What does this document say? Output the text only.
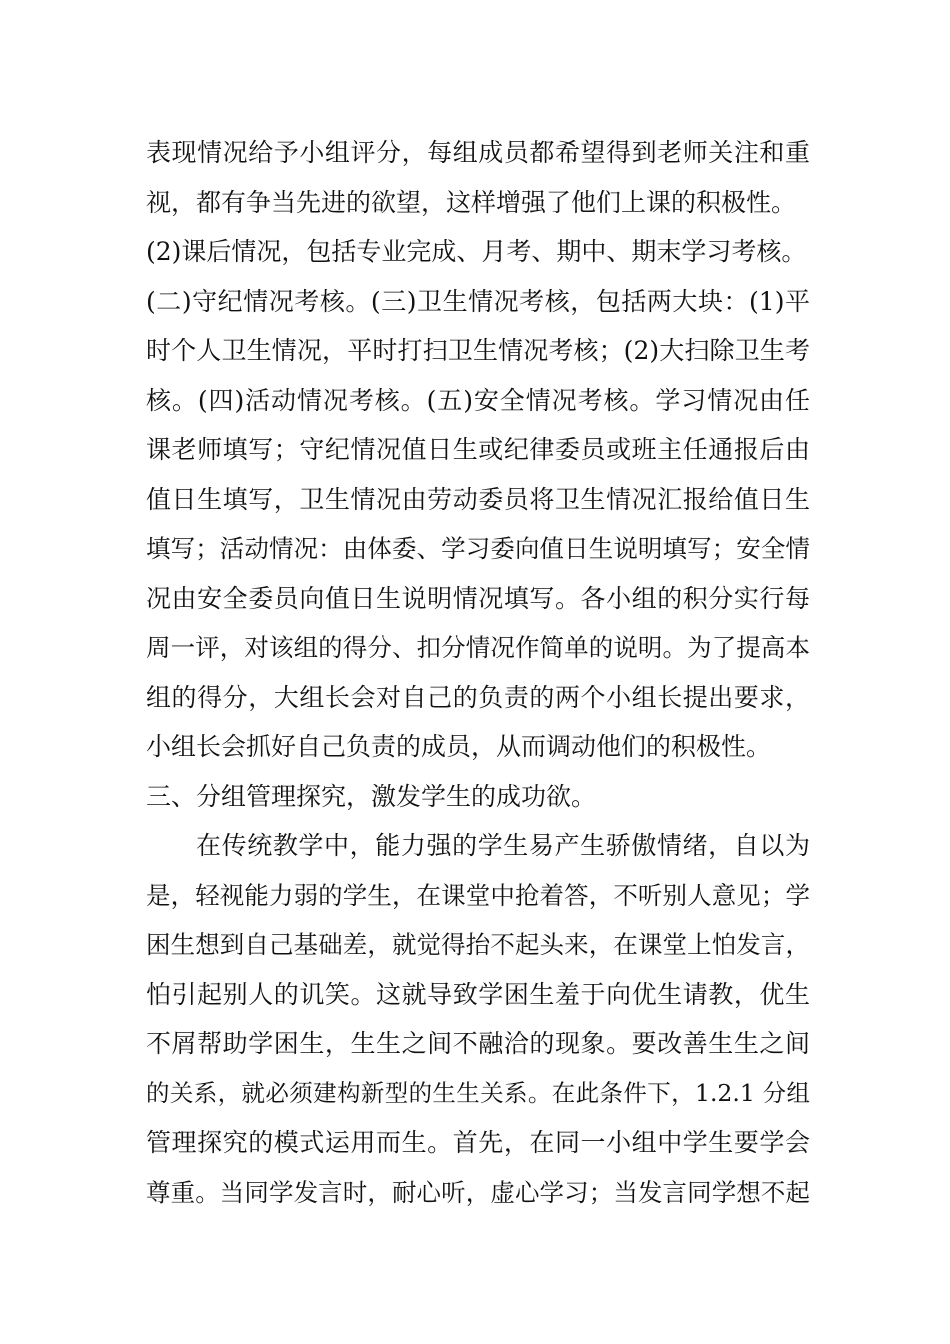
表现情况给予小组评分，每组成员都希望得到老师关注和重
视，都有争当先进的欲望，这样增强了他们上课的积极性。
(2)课后情况，包括专业完成、月考、期中、期末学习考核。
(二)守纪情况考核。(三)卫生情况考核，包括两大块：(1)平
时个人卫生情况，平时打扫卫生情况考核；(2)大扫除卫生考
核。(四)活动情况考核。(五)安全情况考核。学习情况由任
课老师填写；守纪情况值日生或纪律委员或班主任通报后由
值日生填写，卫生情况由劳动委员将卫生情况汇报给值日生
填写；活动情况：由体委、学习委向值日生说明填写；安全情
况由安全委员向值日生说明情况填写。各小组的积分实行每
周一评，对该组的得分、扣分情况作简单的说明。为了提高本
组的得分，大组长会对自己的负责的两个小组长提出要求，
小组长会抓好自己负责的成员，从而调动他们的积极性。
三、分组管理探究，激发学生的成功欲。
在传统教学中，能力强的学生易产生骄傲情绪，自以为
是，轻视能力弱的学生，在课堂中抢着答，不听别人意见；学
困生想到自己基础差，就觉得抬不起头来，在课堂上怕发言，
怕引起别人的讥笑。这就导致学困生羞于向优生请教，优生
不屑帮助学困生，生生之间不融洽的现象。要改善生生之间
的关系，就必须建构新型的生生关系。在此条件下，1.2.1 分组
管理探究的模式运用而生。首先，在同一小组中学生要学会
尊重。当同学发言时，耐心听，虚心学习；当发言同学想不起
